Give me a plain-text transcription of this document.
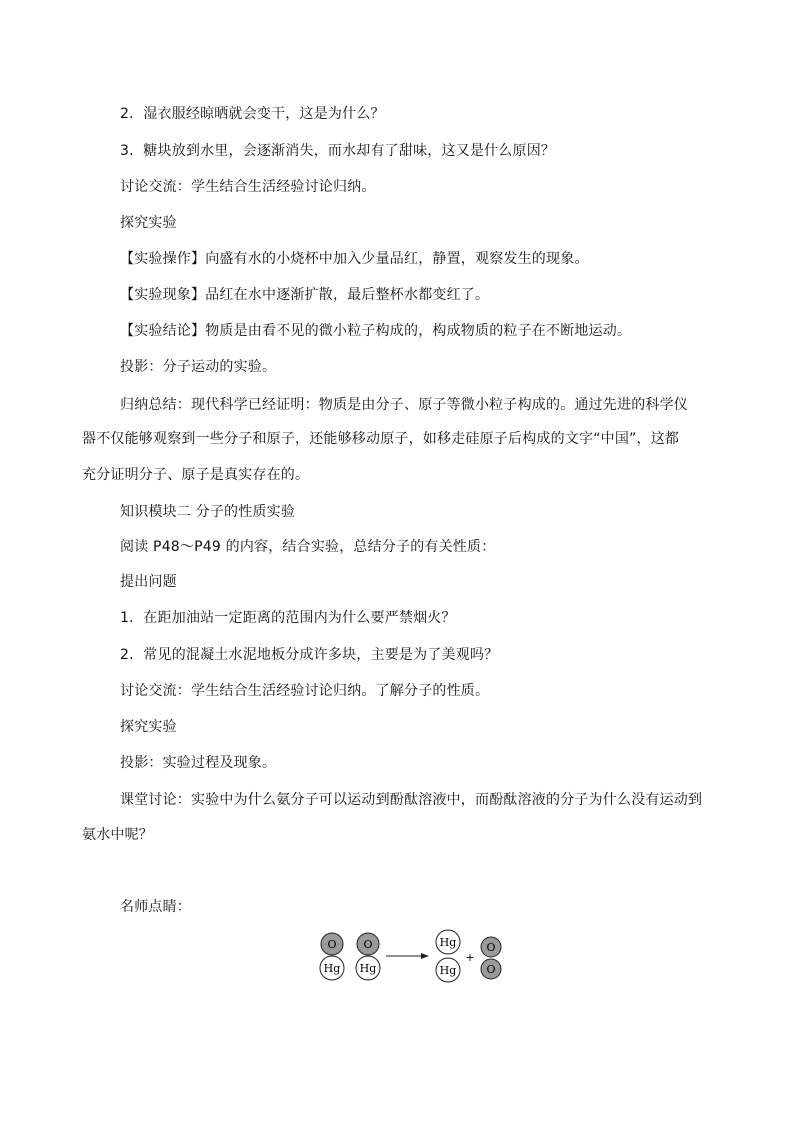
2．湿衣服经晾晒就会变干，这是为什么？
3．糖块放到水里，会逐渐消失，而水却有了甜味，这又是什么原因？
讨论交流：学生结合生活经验讨论归纳。
探究实验
【实验操作】向盛有水的小烧杯中加入少量品红，静置，观察发生的现象。
【实验现象】品红在水中逐渐扩散，最后整杯水都变红了。
【实验结论】物质是由看不见的微小粒子构成的，构成物质的粒子在不断地运动。
投影：分子运动的实验。
归纳总结：现代科学已经证明：物质是由分子、原子等微小粒子构成的。通过先进的科学仪
器不仅能够观察到一些分子和原子，还能够移动原子，如移走硅原子后构成的文字“中国”，这都
充分证明分子、原子是真实存在的。
知识模块二 分子的性质实验
阅读 P48～P49 的内容，结合实验，总结分子的有关性质：
提出问题
1．在距加油站一定距离的范围内为什么要严禁烟火？
2．常见的混凝土水泥地板分成许多块，主要是为了美观吗？
讨论交流：学生结合生活经验讨论归纳。了解分子的性质。
探究实验
投影：实验过程及现象。
课堂讨论：实验中为什么氨分子可以运动到酚酞溶液中，而酚酞溶液的分子为什么没有运动到
氨水中呢？
名师点睛：
O
Hg
O
Hg
Hg
Hg
+
O
O
